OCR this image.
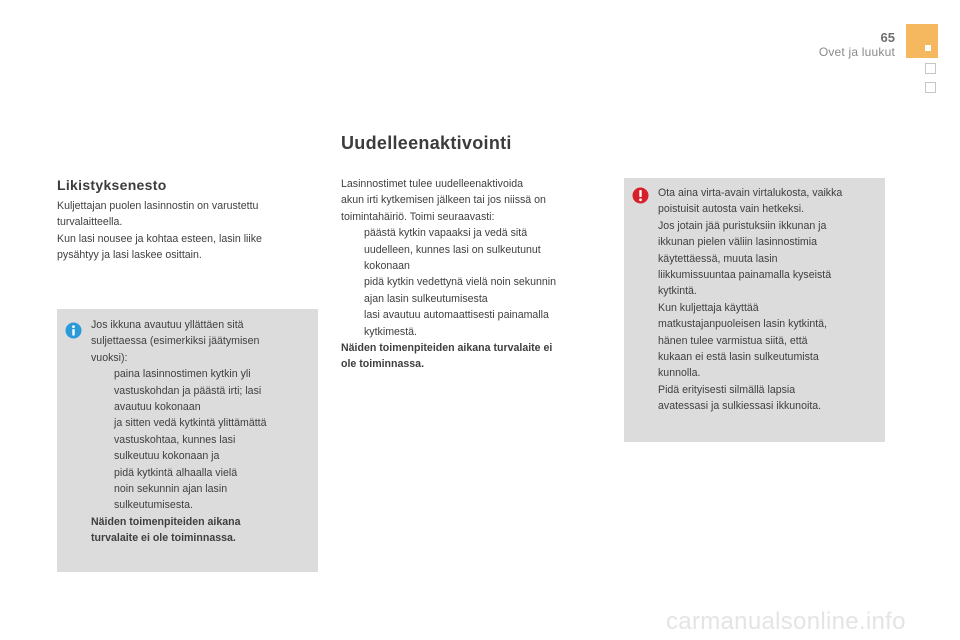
65
Ovet ja luukut
Uudelleenaktivointi
Likistyksenesto

Kuljettajan puolen lasinnostin on varustettu

turvalaitteella.

Kun lasi nousee ja kohtaa esteen, lasin liike

pysähtyy ja lasi laskee osittain.

Jos ikkuna avautuu yllättäen sitä

suljettaessa (esimerkiksi jäätymisen

vuoksi):

paina lasinnostimen kytkin yli

vastuskohdan ja päästä irti; lasi

avautuu kokonaan

ja sitten vedä kytkintä ylittämättä

vastuskohtaa, kunnes lasi

sulkeutuu kokonaan ja

pidä kytkintä alhaalla vielä

noin sekunnin ajan lasin

sulkeutumisesta.

Näiden toimenpiteiden aikana

turvalaite ei ole toiminnassa.

Lasinnostimet tulee uudelleenaktivoida

akun irti kytkemisen jälkeen tai jos niissä on

toimintahäiriö. Toimi seuraavasti:

päästä kytkin vapaaksi ja vedä sitä

uudelleen, kunnes lasi on sulkeutunut

kokonaan

pidä kytkin vedettynä vielä noin sekunnin

ajan lasin sulkeutumisesta

lasi avautuu automaattisesti painamalla

kytkimestä.

Näiden toimenpiteiden aikana turvalaite ei

ole toiminnassa.

Ota aina virta-avain virtalukosta, vaikka

poistuisit autosta vain hetkeksi.

Jos jotain jää puristuksiin ikkunan ja

ikkunan pielen väliin lasinnostimia

käytettäessä, muuta lasin

liikkumissuuntaa painamalla kyseistä

kytkintä.

Kun kuljettaja käyttää

matkustajanpuoleisen lasin kytkintä,

hänen tulee varmistua siitä, että

kukaan ei estä lasin sulkeutumista

kunnolla.

Pidä erityisesti silmällä lapsia

avatessasi ja sulkiessasi ikkunoita.

carmanualsonline.info
